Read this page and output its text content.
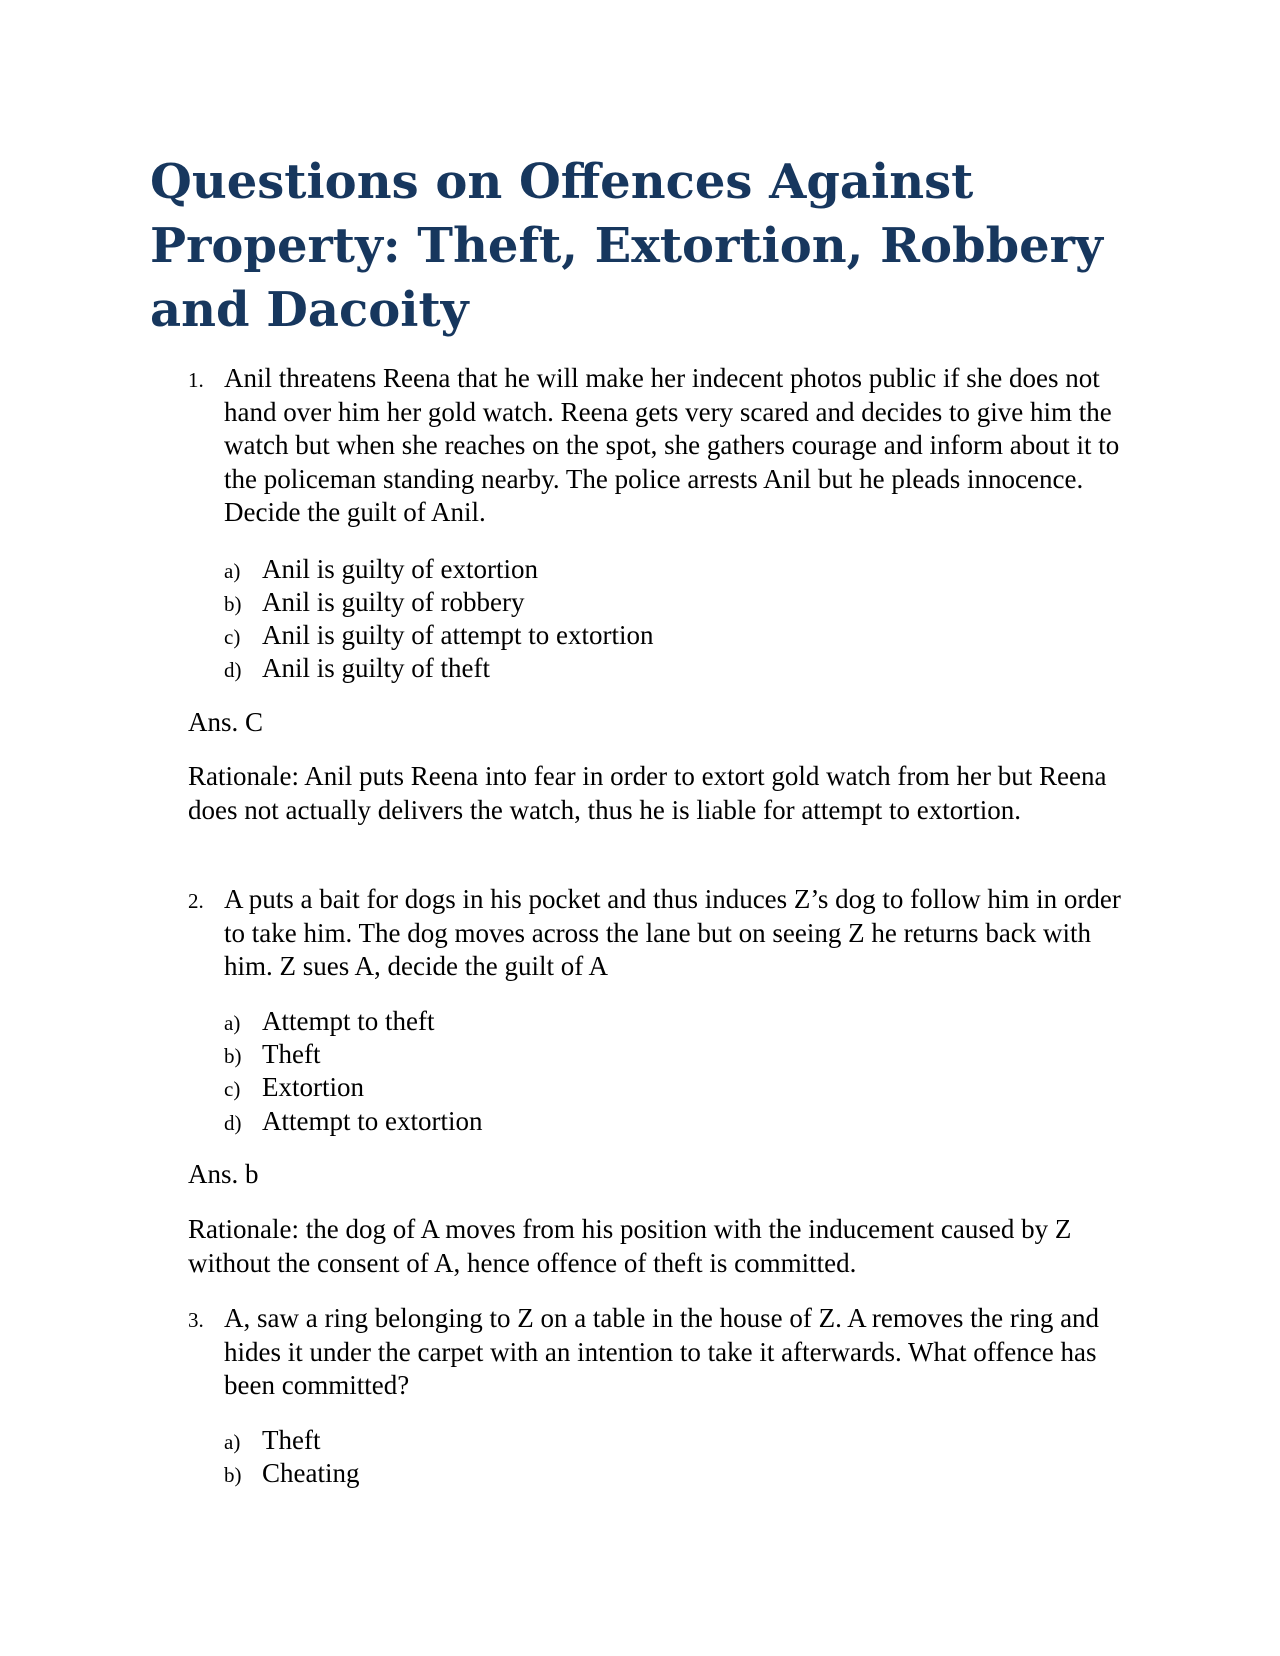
Questions on Offences Against Property: Theft, Extortion, Robbery and Dacoity
1. Anil threatens Reena that he will make her indecent photos public if she does not hand over him her gold watch. Reena gets very scared and decides to give him the watch but when she reaches on the spot, she gathers courage and inform about it to the policeman standing nearby. The police arrests Anil but he pleads innocence. Decide the guilt of Anil.

a) Anil is guilty of extortion
b) Anil is guilty of robbery
c) Anil is guilty of attempt to extortion
d) Anil is guilty of theft

Ans. C

Rationale: Anil puts Reena into fear in order to extort gold watch from her but Reena does not actually delivers the watch, thus he is liable for attempt to extortion.

2. A puts a bait for dogs in his pocket and thus induces Z’s dog to follow him in order to take him. The dog moves across the lane but on seeing Z he returns back with him. Z sues A, decide the guilt of A

a) Attempt to theft
b) Theft
c) Extortion
d) Attempt to extortion

Ans. b

Rationale: the dog of A moves from his position with the inducement caused by Z without the consent of A, hence offence of theft is committed.

3. A, saw a ring belonging to Z on a table in the house of Z. A removes the ring and hides it under the carpet with an intention to take it afterwards. What offence has been committed?

a) Theft
b) Cheating
